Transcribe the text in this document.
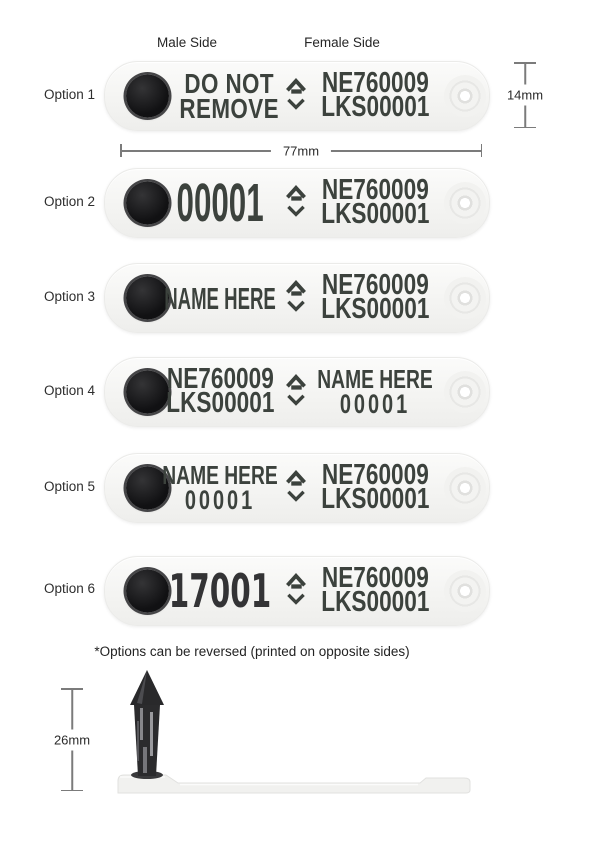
Male Side	Female Side
Option 1
Option 2
Option 3
Option 4
Option 5
Option 6
DO NOT
REMOVE
NE760009
LKS00001	14mm
77mm
00001 NE760009
LKS00001
NAME HERE NE760009
LKS00001
NE760009
LKS00001
NAME HERE
00001
NAME HERE
00001
NE760009
LKS00001
17001 NE760009
LKS00001
*Options can be reversed (printed on opposite sides)
26mm
